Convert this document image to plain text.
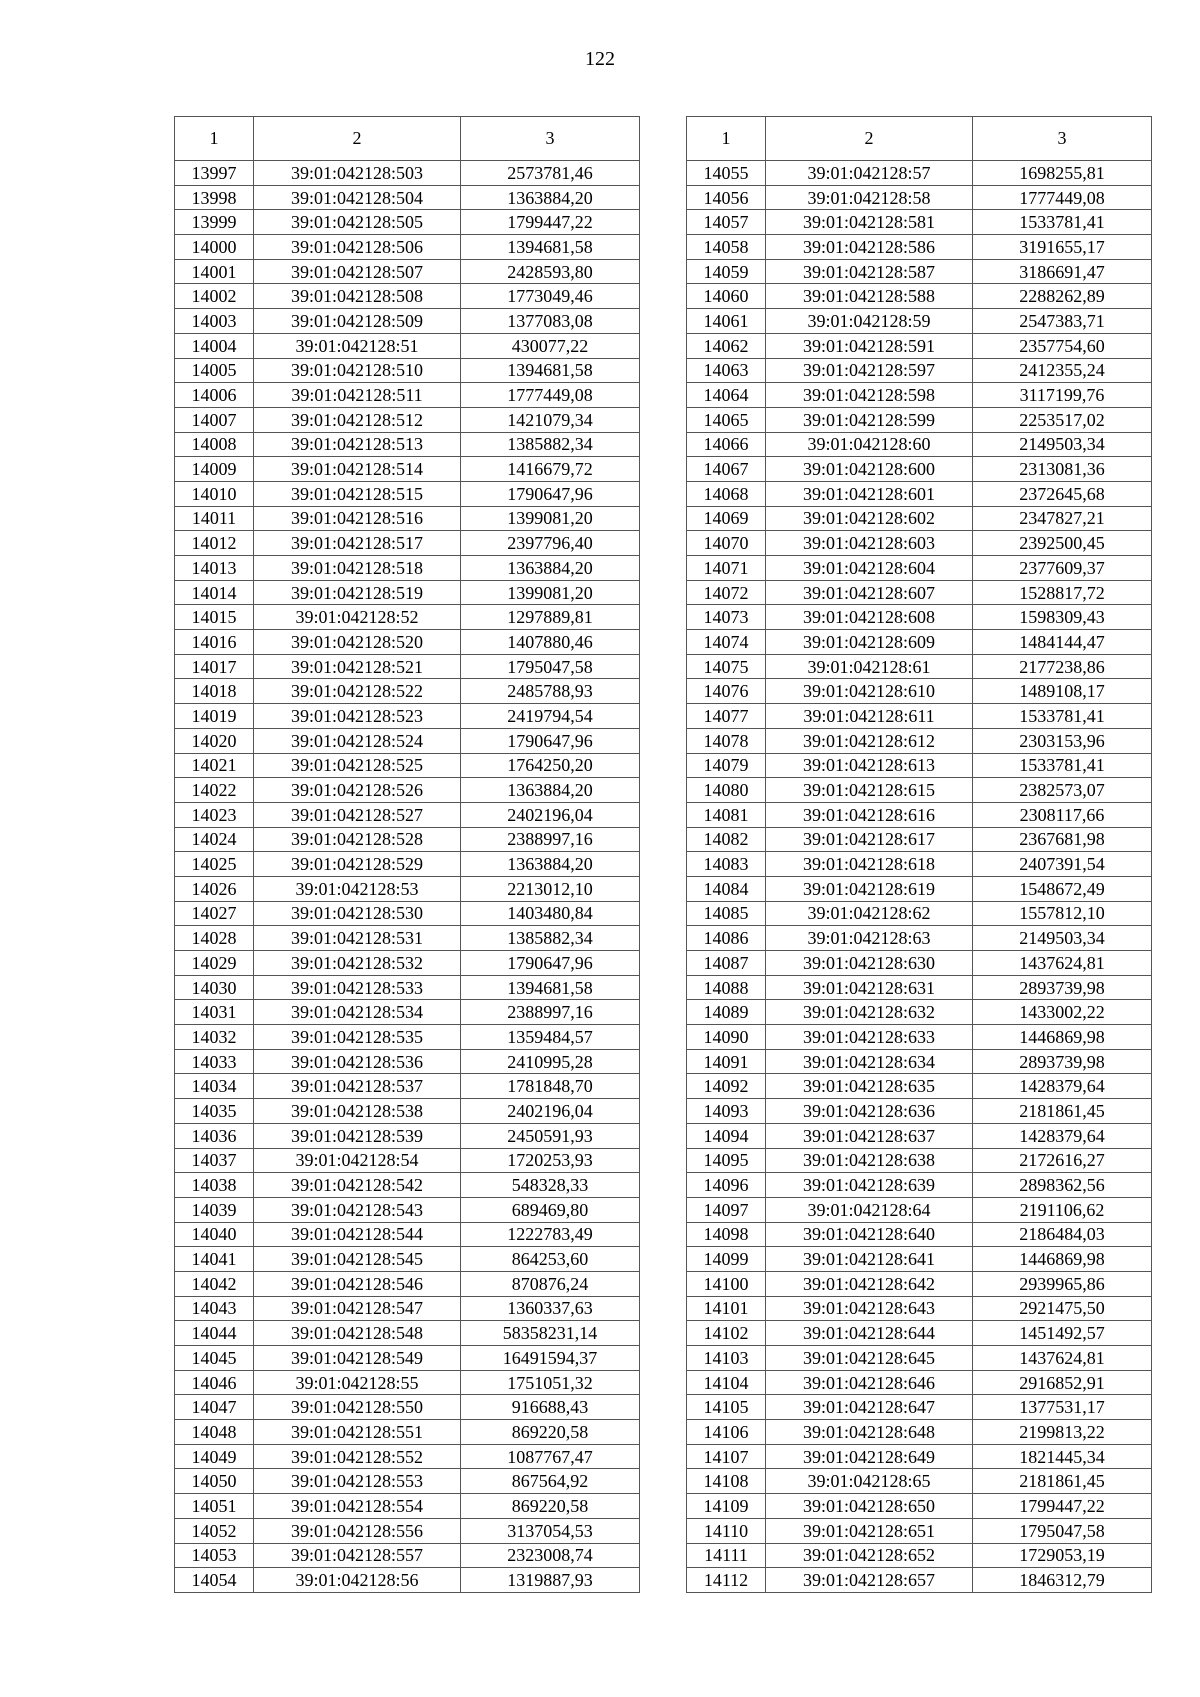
122
1	2	3
13997	39:01:042128:503	2573781,46
13998	39:01:042128:504	1363884,20
13999	39:01:042128:505	1799447,22
14000	39:01:042128:506	1394681,58
14001	39:01:042128:507	2428593,80
14002	39:01:042128:508	1773049,46
14003	39:01:042128:509	1377083,08
14004	39:01:042128:51	430077,22
14005	39:01:042128:510	1394681,58
14006	39:01:042128:511	1777449,08
14007	39:01:042128:512	1421079,34
14008	39:01:042128:513	1385882,34
14009	39:01:042128:514	1416679,72
14010	39:01:042128:515	1790647,96
14011	39:01:042128:516	1399081,20
14012	39:01:042128:517	2397796,40
14013	39:01:042128:518	1363884,20
14014	39:01:042128:519	1399081,20
14015	39:01:042128:52	1297889,81
14016	39:01:042128:520	1407880,46
14017	39:01:042128:521	1795047,58
14018	39:01:042128:522	2485788,93
14019	39:01:042128:523	2419794,54
14020	39:01:042128:524	1790647,96
14021	39:01:042128:525	1764250,20
14022	39:01:042128:526	1363884,20
14023	39:01:042128:527	2402196,04
14024	39:01:042128:528	2388997,16
14025	39:01:042128:529	1363884,20
14026	39:01:042128:53	2213012,10
14027	39:01:042128:530	1403480,84
14028	39:01:042128:531	1385882,34
14029	39:01:042128:532	1790647,96
14030	39:01:042128:533	1394681,58
14031	39:01:042128:534	2388997,16
14032	39:01:042128:535	1359484,57
14033	39:01:042128:536	2410995,28
14034	39:01:042128:537	1781848,70
14035	39:01:042128:538	2402196,04
14036	39:01:042128:539	2450591,93
14037	39:01:042128:54	1720253,93
14038	39:01:042128:542	548328,33
14039	39:01:042128:543	689469,80
14040	39:01:042128:544	1222783,49
14041	39:01:042128:545	864253,60
14042	39:01:042128:546	870876,24
14043	39:01:042128:547	1360337,63
14044	39:01:042128:548	58358231,14
14045	39:01:042128:549	16491594,37
14046	39:01:042128:55	1751051,32
14047	39:01:042128:550	916688,43
14048	39:01:042128:551	869220,58
14049	39:01:042128:552	1087767,47
14050	39:01:042128:553	867564,92
14051	39:01:042128:554	869220,58
14052	39:01:042128:556	3137054,53
14053	39:01:042128:557	2323008,74
14054	39:01:042128:56	1319887,93
1	2	3
14055	39:01:042128:57	1698255,81
14056	39:01:042128:58	1777449,08
14057	39:01:042128:581	1533781,41
14058	39:01:042128:586	3191655,17
14059	39:01:042128:587	3186691,47
14060	39:01:042128:588	2288262,89
14061	39:01:042128:59	2547383,71
14062	39:01:042128:591	2357754,60
14063	39:01:042128:597	2412355,24
14064	39:01:042128:598	3117199,76
14065	39:01:042128:599	2253517,02
14066	39:01:042128:60	2149503,34
14067	39:01:042128:600	2313081,36
14068	39:01:042128:601	2372645,68
14069	39:01:042128:602	2347827,21
14070	39:01:042128:603	2392500,45
14071	39:01:042128:604	2377609,37
14072	39:01:042128:607	1528817,72
14073	39:01:042128:608	1598309,43
14074	39:01:042128:609	1484144,47
14075	39:01:042128:61	2177238,86
14076	39:01:042128:610	1489108,17
14077	39:01:042128:611	1533781,41
14078	39:01:042128:612	2303153,96
14079	39:01:042128:613	1533781,41
14080	39:01:042128:615	2382573,07
14081	39:01:042128:616	2308117,66
14082	39:01:042128:617	2367681,98
14083	39:01:042128:618	2407391,54
14084	39:01:042128:619	1548672,49
14085	39:01:042128:62	1557812,10
14086	39:01:042128:63	2149503,34
14087	39:01:042128:630	1437624,81
14088	39:01:042128:631	2893739,98
14089	39:01:042128:632	1433002,22
14090	39:01:042128:633	1446869,98
14091	39:01:042128:634	2893739,98
14092	39:01:042128:635	1428379,64
14093	39:01:042128:636	2181861,45
14094	39:01:042128:637	1428379,64
14095	39:01:042128:638	2172616,27
14096	39:01:042128:639	2898362,56
14097	39:01:042128:64	2191106,62
14098	39:01:042128:640	2186484,03
14099	39:01:042128:641	1446869,98
14100	39:01:042128:642	2939965,86
14101	39:01:042128:643	2921475,50
14102	39:01:042128:644	1451492,57
14103	39:01:042128:645	1437624,81
14104	39:01:042128:646	2916852,91
14105	39:01:042128:647	1377531,17
14106	39:01:042128:648	2199813,22
14107	39:01:042128:649	1821445,34
14108	39:01:042128:65	2181861,45
14109	39:01:042128:650	1799447,22
14110	39:01:042128:651	1795047,58
14111	39:01:042128:652	1729053,19
14112	39:01:042128:657	1846312,79
